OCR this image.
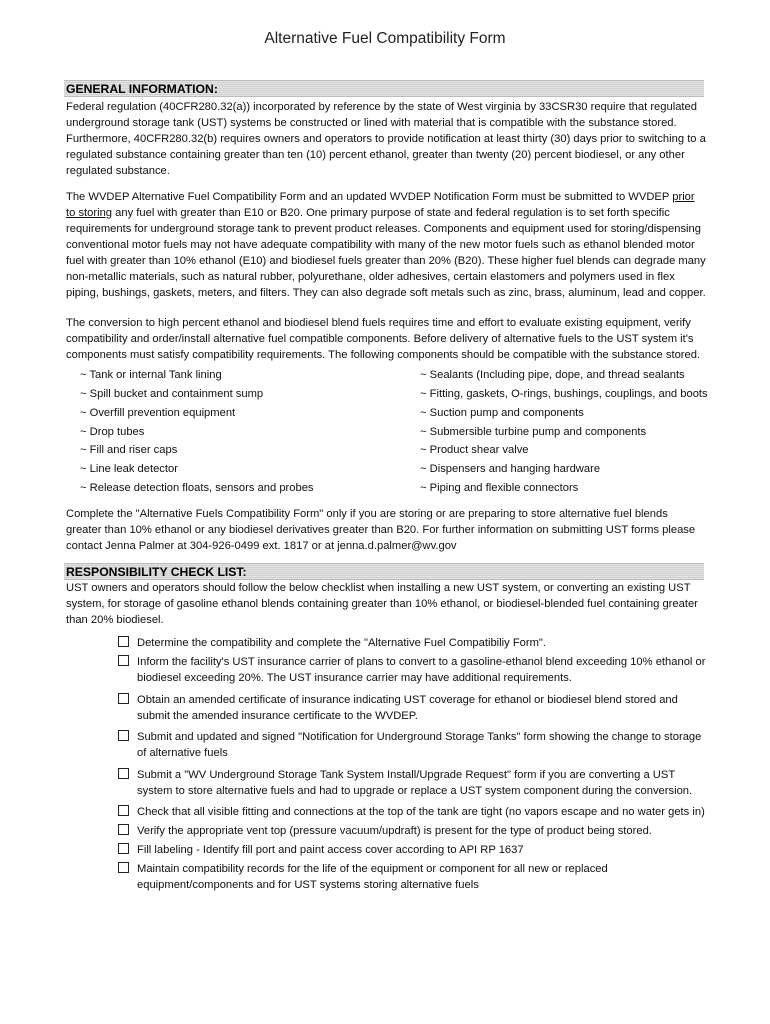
Alternative Fuel Compatibility Form
GENERAL INFORMATION:
Federal regulation (40CFR280.32(a)) incorporated by reference by the state of West virginia by 33CSR30 require that regulated underground storage tank (UST) systems be constructed or lined with material that is compatible with the substance stored. Furthermore, 40CFR280.32(b) requires owners and operators to provide notification at least thirty (30) days prior to switching to a regulated substance containing greater than ten (10) percent ethanol, greater than twenty (20) percent biodiesel, or any other regulated substance.
The WVDEP Alternative Fuel Compatibility Form and an updated WVDEP Notification Form must be submitted to WVDEP prior to storing any fuel with greater than E10 or B20. One primary purpose of state and federal regulation is to set forth specific requirements for underground storage tank to prevent product releases. Components and equipment used for storing/dispensing conventional motor fuels may not have adequate compatibility with many of the new motor fuels such as ethanol blended motor fuel with greater than 10% ethanol (E10) and biodiesel fuels greater than 20% (B20). These higher fuel blends can degrade many non-metallic materials, such as natural rubber, polyurethane, older adhesives, certain elastomers and polymers used in flex piping, bushings, gaskets, meters, and filters. They can also degrade soft metals such as zinc, brass, aluminum, lead and copper.
The conversion to high percent ethanol and biodiesel blend fuels requires time and effort to evaluate existing equipment, verify compatibility and order/install alternative fuel compatible components. Before delivery of alternative fuels to the UST system it's components must satisfy compatibility requirements. The following components should be compatible with the substance stored.
~ Tank or internal Tank lining
~ Spill bucket and containment sump
~ Overfill prevention equipment
~ Drop tubes
~ Fill and riser caps
~ Line leak detector
~ Release detection floats, sensors and probes
~ Sealants (Including pipe, dope, and thread sealants
~ Fitting, gaskets, O-rings, bushings, couplings, and boots
~ Suction pump and components
~ Submersible turbine pump and components
~ Product shear valve
~ Dispensers and hanging hardware
~ Piping and flexible connectors
Complete the "Alternative Fuels Compatibility Form" only if you are storing or are preparing to store alternative fuel blends greater than 10% ethanol or any biodiesel derivatives greater than B20. For further information on submitting UST forms please contact Jenna Palmer at 304-926-0499 ext. 1817 or at jenna.d.palmer@wv.gov
RESPONSIBILITY CHECK LIST:
UST owners and operators should follow the below checklist when installing a new UST system, or converting an existing UST system, for storage of gasoline ethanol blends containing greater than 10% ethanol, or biodiesel-blended fuel containing greater than 20% biodiesel.
Determine the compatibility and complete the "Alternative Fuel Compatibiliy Form".
Inform the facility's UST insurance carrier of plans to convert to a gasoline-ethanol blend exceeding 10% ethanol or biodiesel exceeding 20%. The UST insurance carrier may have additional requirements.
Obtain an amended certificate of insurance indicating UST coverage for ethanol or biodiesel blend stored and submit the amended insurance certificate to the WVDEP.
Submit and updated and signed "Notification for Underground Storage Tanks" form showing the change to storage of alternative fuels
Submit a "WV Underground Storage Tank System Install/Upgrade Request" form if you are converting a UST system to store alternative fuels and had to upgrade or replace a UST system component during the conversion.
Check that all visible fitting and connections at the top of the tank are tight (no vapors escape and no water gets in)
Verify the appropriate vent top (pressure vacuum/updraft) is present for the type of product being stored.
Fill labeling - Identify fill port and paint access cover according to API RP 1637
Maintain compatibility records for the life of the equipment or component for all new or replaced equipment/components and for UST systems storing alternative fuels
